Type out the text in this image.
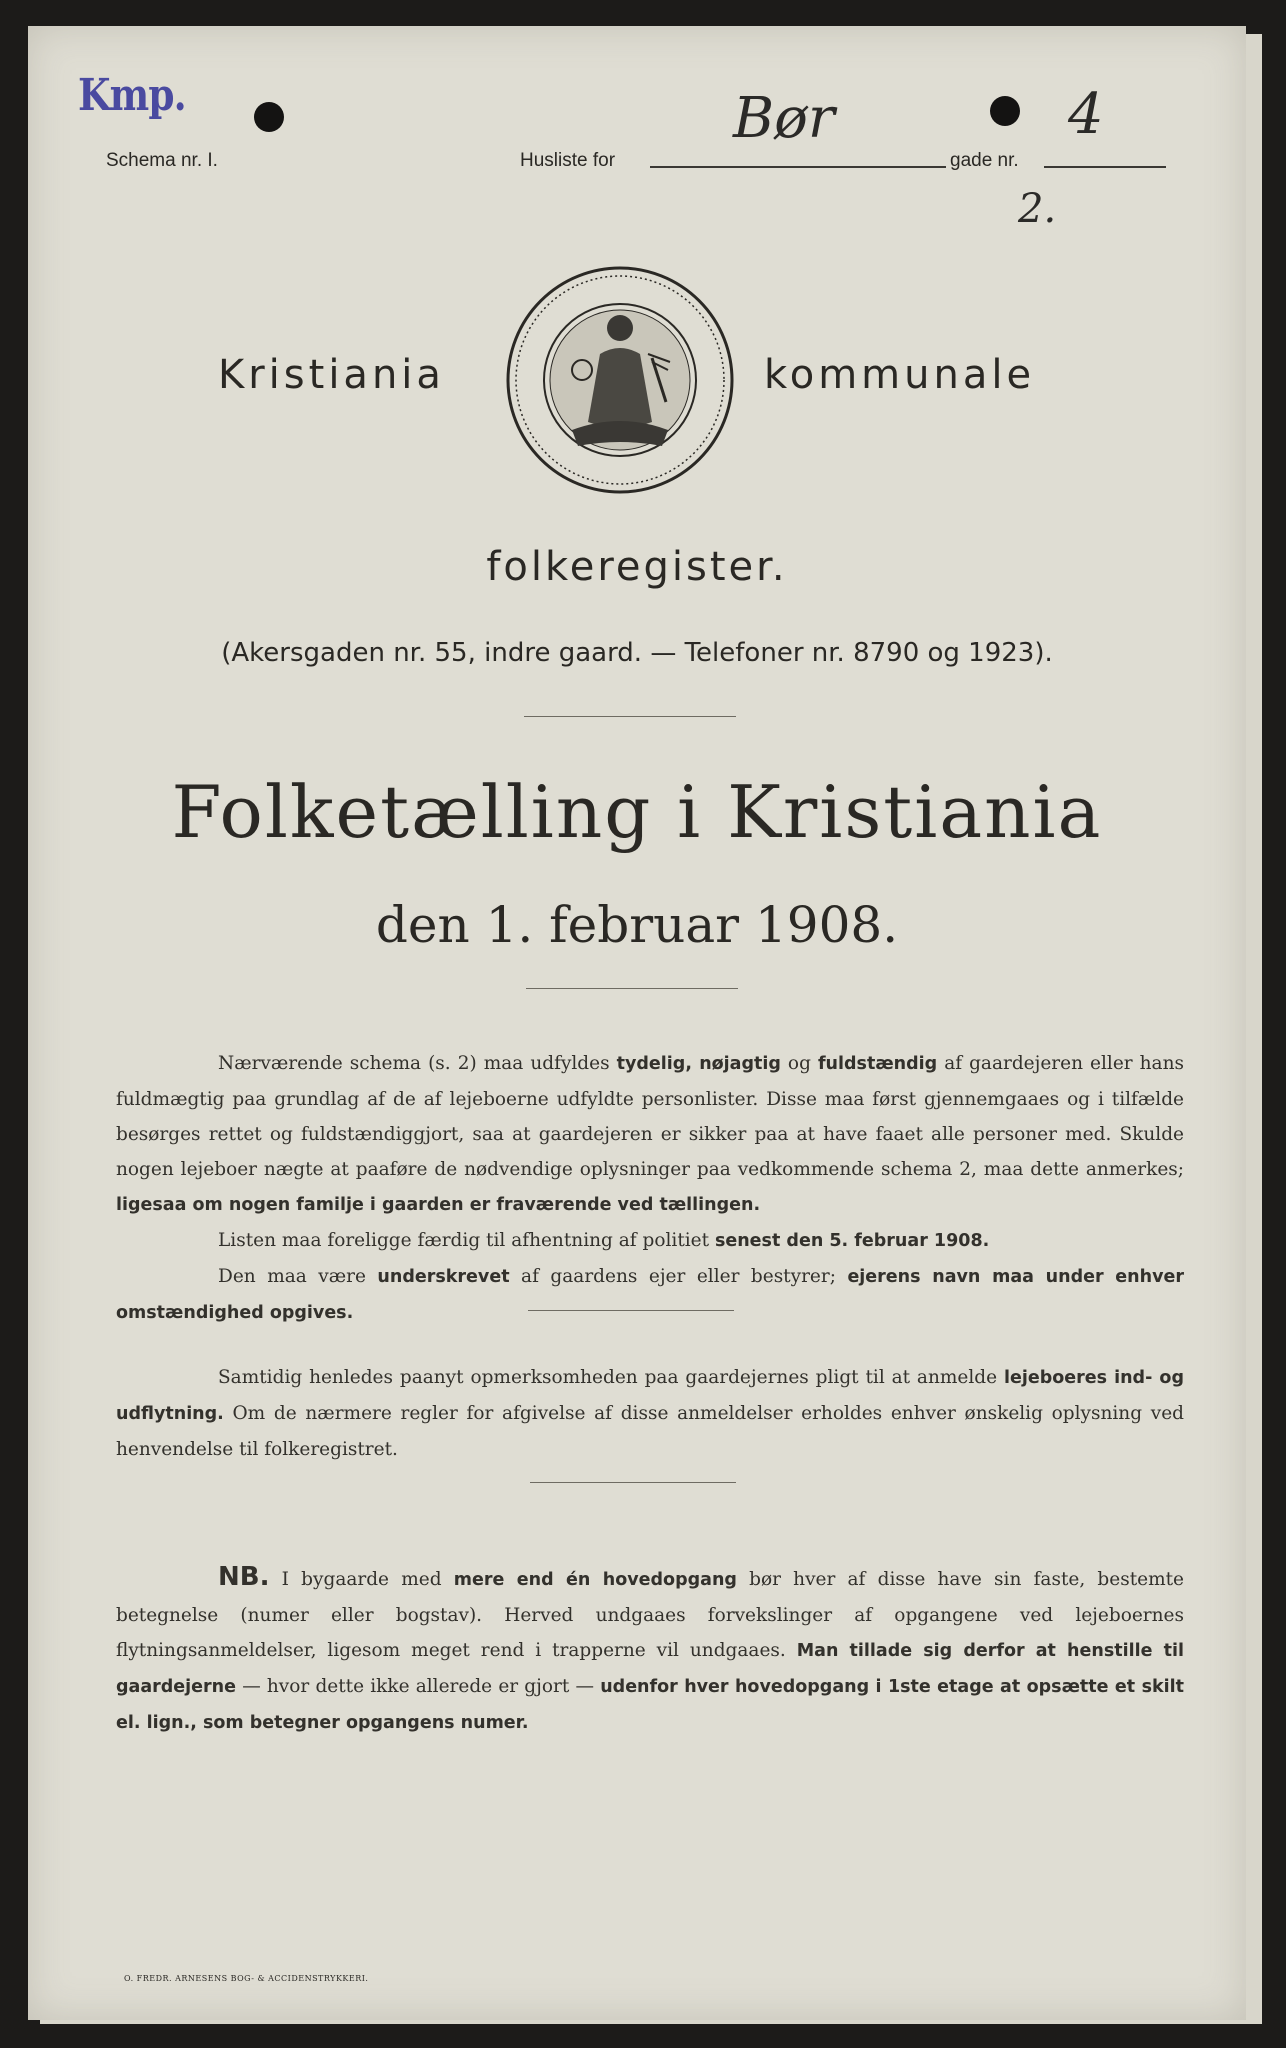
Kmp.

Schema nr. I.	Husliste for
Bør
gade nr.
4
2.
Kristiania	kommunale
folkeregister.
(Akersgaden nr. 55, indre gaard. — Telefoner nr. 8790 og 1923).
Folketælling i Kristiania
den 1. februar 1908.

Nærværende schema (s. 2) maa udfyldes tydelig, nøjagtig og fuldstændig af gaardejeren eller hans fuldmægtig paa grundlag af de af lejeboerne udfyldte personlister. Disse maa først gjennemgaaes og i tilfælde besørges rettet og fuldstændiggjort, saa at gaardejeren er sikker paa at have faaet alle personer med. Skulde nogen lejeboer nægte at paaføre de nødvendige oplysninger paa vedkommende schema 2, maa dette anmerkes; ligesaa om nogen familje i gaarden er fraværende ved tællingen.

Listen maa foreligge færdig til afhentning af politiet senest den 5. februar 1908.

Den maa være underskrevet af gaardens ejer eller bestyrer; ejerens navn maa under enhver omstændighed opgives.

Samtidig henledes paanyt opmerksomheden paa gaardejernes pligt til at anmelde lejeboeres ind- og udflytning. Om de nærmere regler for afgivelse af disse anmeldelser erholdes enhver ønskelig oplysning ved henvendelse til folkeregistret.

NB. I bygaarde med mere end én hovedopgang bør hver af disse have sin faste, bestemte betegnelse (numer eller bogstav). Herved undgaaes forvekslinger af opgangene ved lejeboernes flytningsanmeldelser, ligesom meget rend i trapperne vil undgaaes. Man tillade sig derfor at henstille til gaardejerne — hvor dette ikke allerede er gjort — udenfor hver hovedopgang i 1ste etage at opsætte et skilt el. lign., som betegner opgangens numer.

O. FREDR. ARNESENS BOG- & ACCIDENSTRYKKERI.
